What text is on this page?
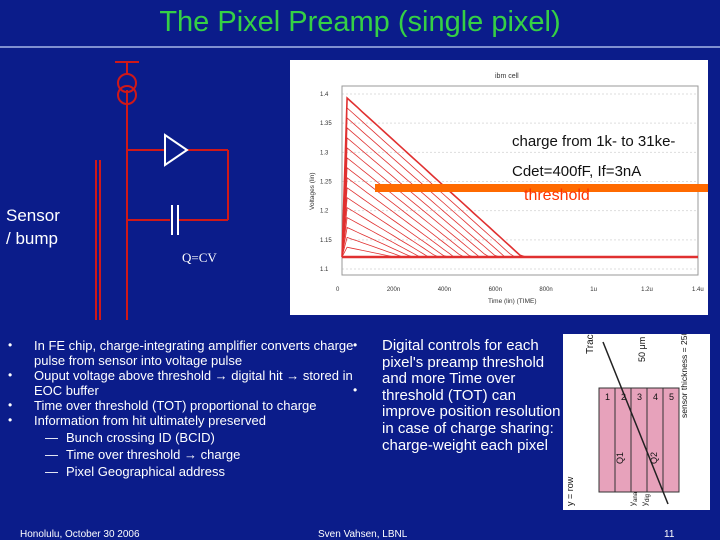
The Pixel Preamp (single pixel)
Sensor
/ bump
Q=CV
ibm cell
Voltages (lin)
Time (lin) (TIME)
1.4
1.35
1.3
1.25
1.2
1.15
1.1
0	200n	400n	600n	800n	1u	1.2u	1.4u
charge from 1k- to 31ke-
Cdet=400fF, If=3nA
threshold
• In FE chip, charge-integrating amplifier converts charge pulse from sensor into voltage pulse
• Ouput voltage above threshold → digital hit → stored in EOC buffer
• Time over threshold (TOT) proportional to charge
• Information from hit ultimately preserved
— Bunch crossing ID (BCID)
— Time over threshold → charge
— Pixel Geographical address
•
•
Digital controls for each pixel's preamp threshold and more Time over threshold (TOT) can improve position resolution in case of charge sharing: charge-weight each pixel
Track	50 μm	sensor thickness = 250 μm
1 2 3 4 5
Q1	Q2
y = row	$y_{ana}$
$y_{dig}$
Honolulu, October 30 2006	Sven Vahsen, LBNL	11
